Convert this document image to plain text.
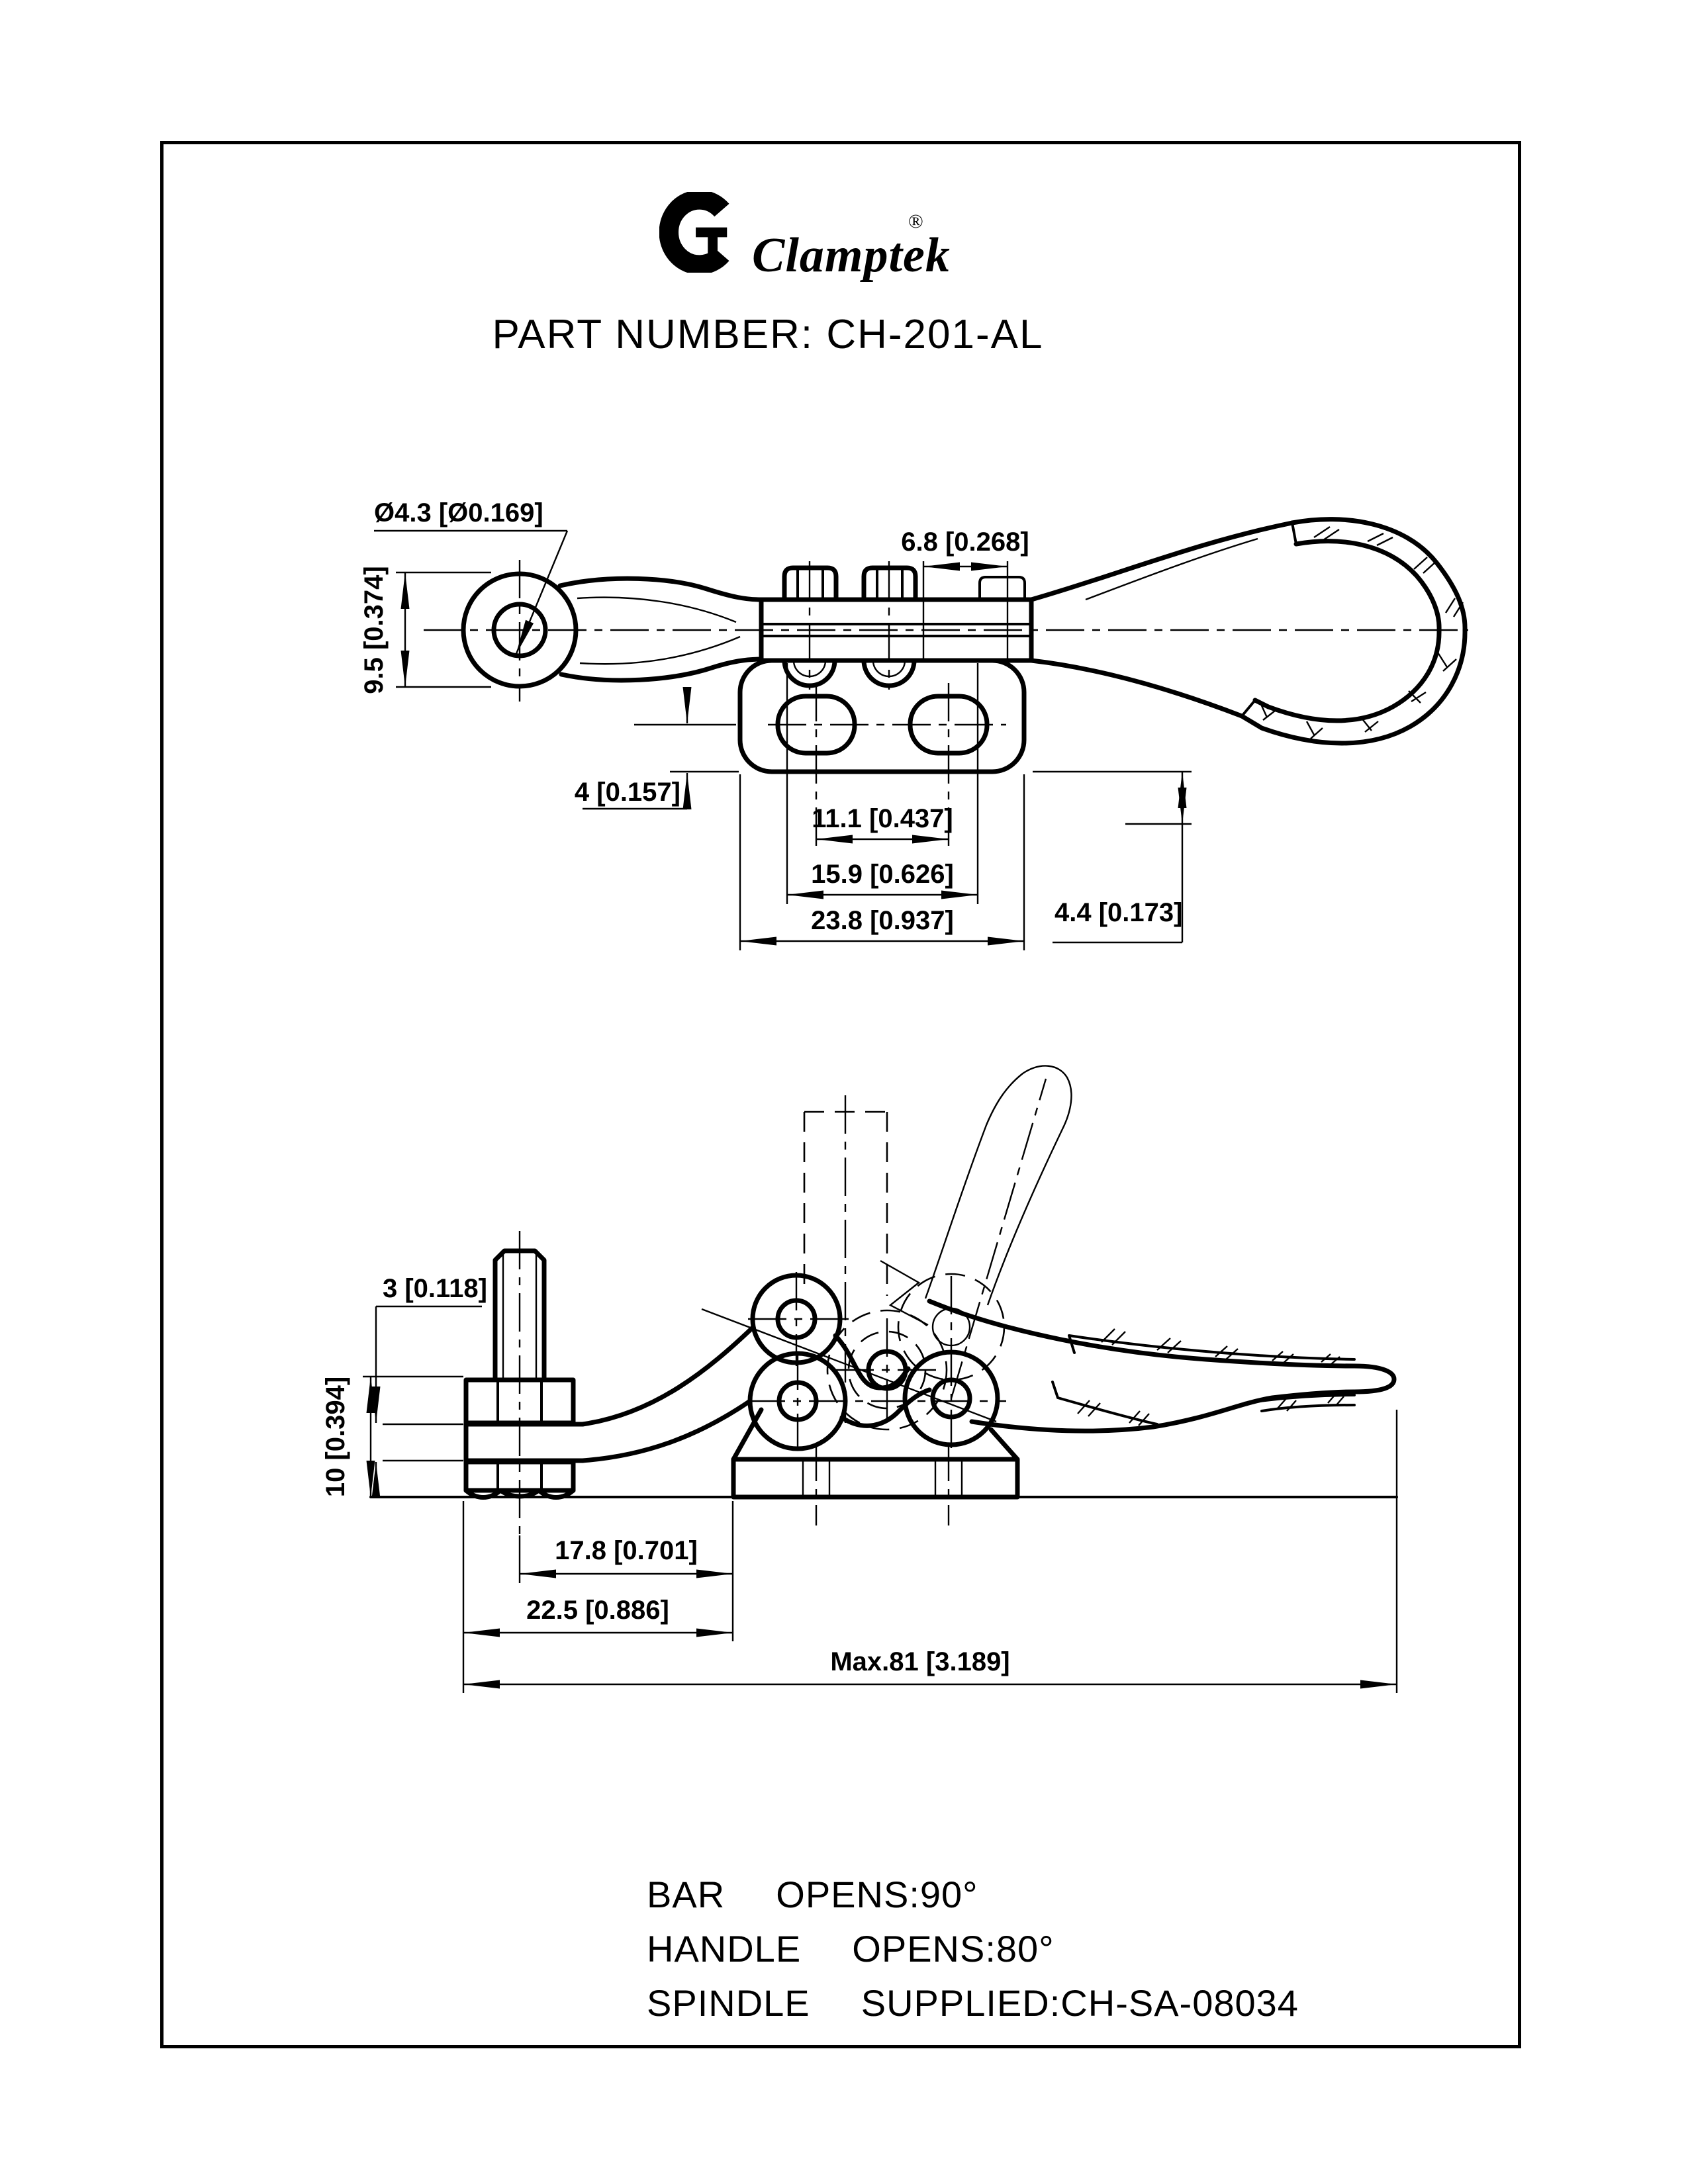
Clamptek
®
PART NUMBER: CH-201-AL
Ø4.3 [Ø0.169]
9.5 [0.374]
6.8 [0.268]
4 [0.157]
4.4 [0.173]
11.1 [0.437]
15.9 [0.626]
23.8 [0.937]
3 [0.118]
10 [0.394]
17.8 [0.701]
22.5 [0.886]
Max.81 [3.189]
BAR  OPENS:90°
HANDLE  OPENS:80°
SPINDLE  SUPPLIED:CH-SA-08034
